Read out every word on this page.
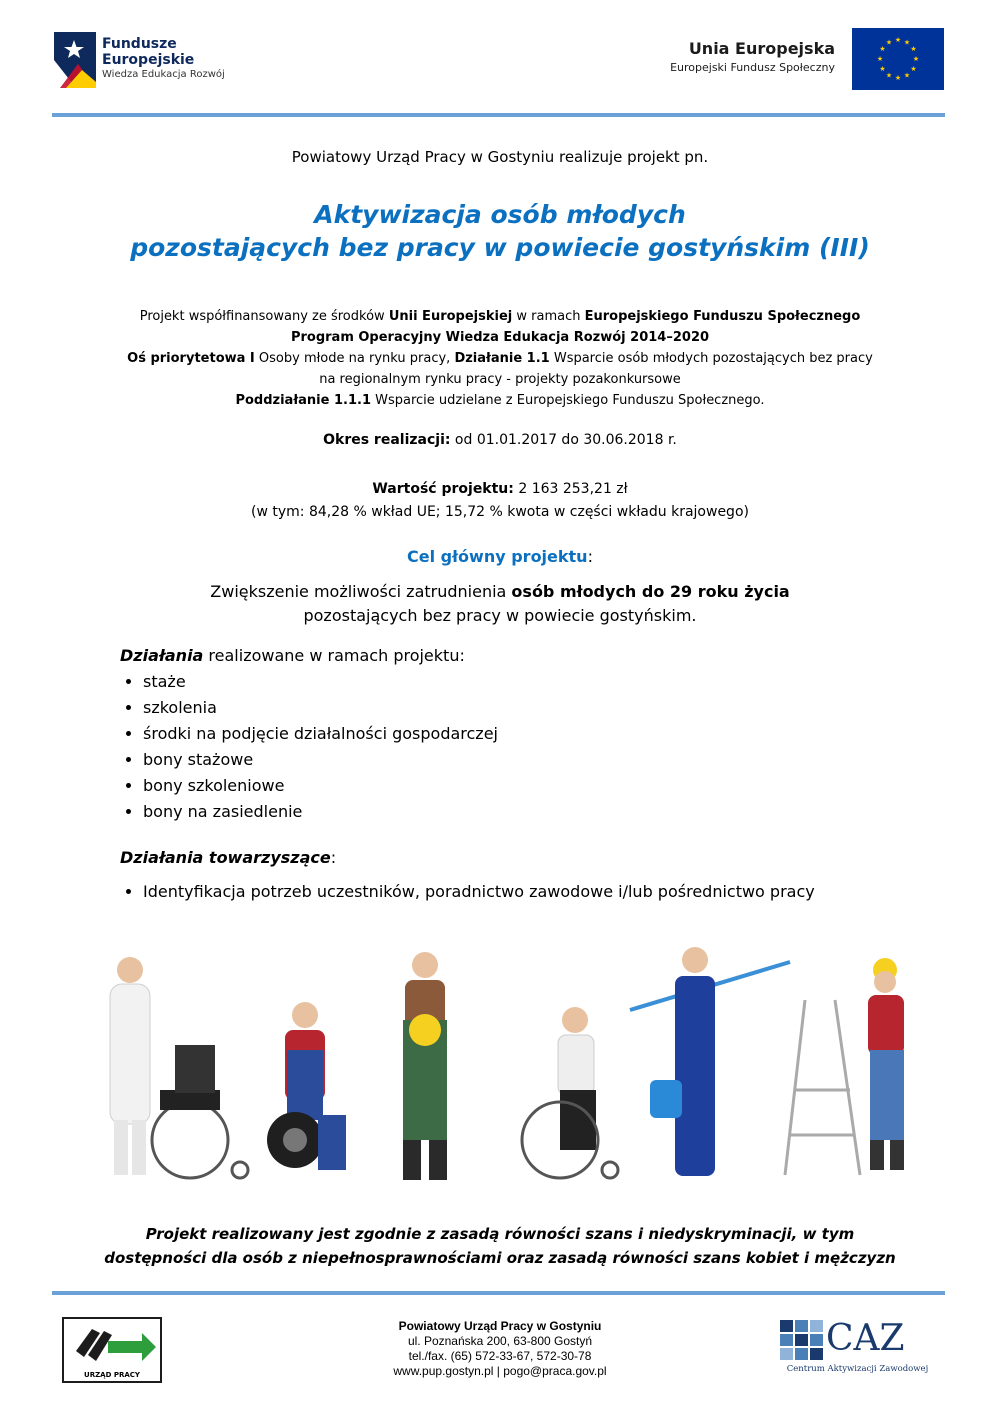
Fundusze
Europejskie
Wiedza Edukacja Rozwój
Unia Europejska
Europejski Fundusz Społeczny
★ ★
★
★
★
★
★
★
★
★
★
★
Powiatowy Urząd Pracy w Gostyniu realizuje projekt pn.
Aktywizacja osób młodych
pozostających bez pracy w powiecie gostyńskim (III)
Projekt współfinansowany ze środków Unii Europejskiej w ramach Europejskiego Funduszu Społecznego
Program Operacyjny Wiedza Edukacja Rozwój 2014–2020
Oś priorytetowa I Osoby młode na rynku pracy, Działanie 1.1 Wsparcie osób młodych pozostających bez pracy
na regionalnym rynku pracy - projekty pozakonkursowe
Poddziałanie 1.1.1 Wsparcie udzielane z Europejskiego Funduszu Społecznego.
Okres realizacji: od 01.01.2017 do 30.06.2018 r.
Wartość projektu: 2 163 253,21 zł
(w tym: 84,28 % wkład UE; 15,72 % kwota w części wkładu krajowego)
Cel główny projektu:
Zwiększenie możliwości zatrudnienia osób młodych do 29 roku życia
pozostających bez pracy w powiecie gostyńskim.
Działania realizowane w ramach projektu:
• staże
• szkolenia
• środki na podjęcie działalności gospodarczej
• bony stażowe
• bony szkoleniowe
• bony na zasiedlenie
Działania towarzyszące:
• Identyfikacja potrzeb uczestników, poradnictwo zawodowe i/lub pośrednictwo pracy
Projekt realizowany jest zgodnie z zasadą równości szans i niedyskryminacji, w tym
dostępności dla osób z niepełnosprawnościami oraz zasadą równości szans kobiet i mężczyzn
URZĄD PRACY
Powiatowy Urząd Pracy w Gostyniu
ul. Poznańska 200, 63-800 Gostyń
tel./fax. (65) 572-33-67, 572-30-78
www.pup.gostyn.pl | pogo@praca.gov.pl
CAZ
Centrum Aktywizacji Zawodowej
